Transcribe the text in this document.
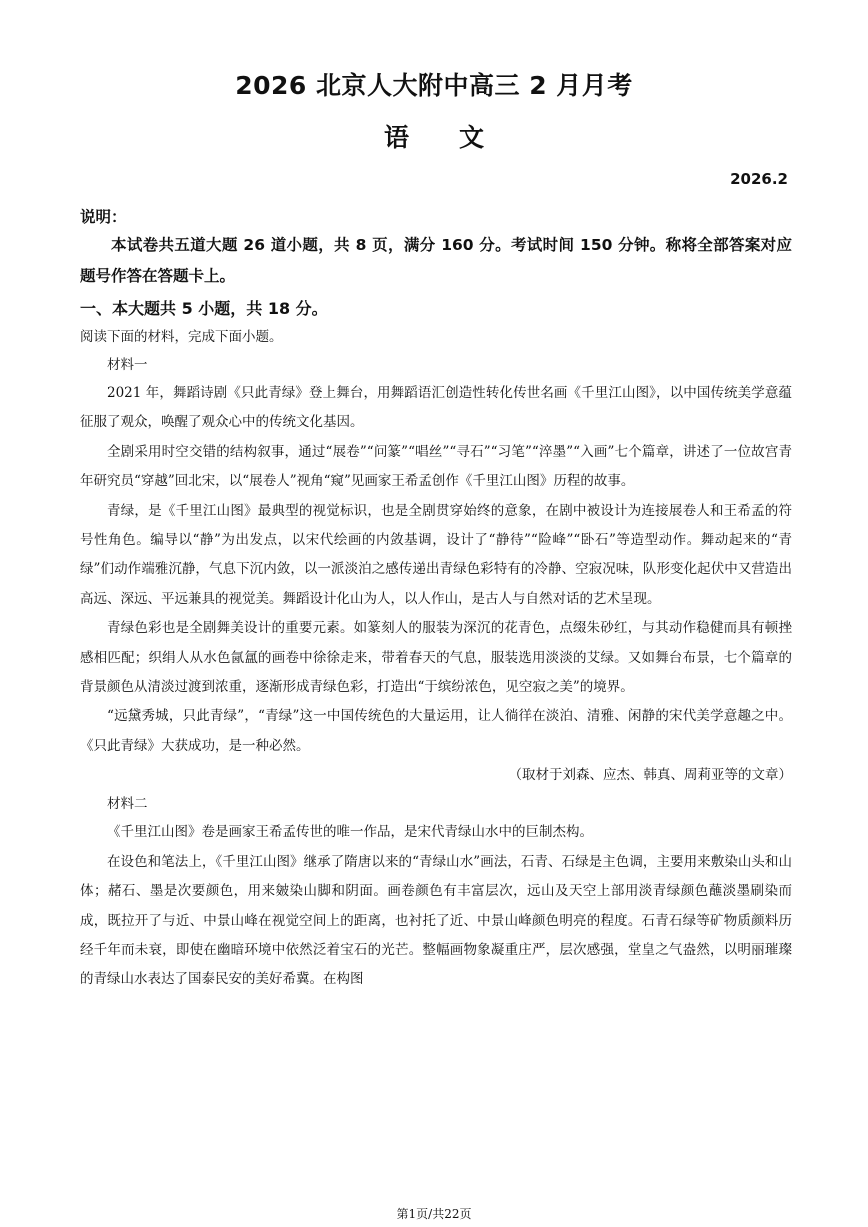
2026 北京人大附中高三 2 月月考
语　　文
2026.2

说明：

本试卷共五道大题 26 道小题，共 8 页，满分 160 分。考试时间 150 分钟。称将全部答案对应题号作答在答题卡上。

一、本大题共 5 小题，共 18 分。

阅读下面的材料，完成下面小题。

材料一

2021 年，舞蹈诗剧《只此青绿》登上舞台，用舞蹈语汇创造性转化传世名画《千里江山图》，以中国传统美学意蕴征服了观众，唤醒了观众心中的传统文化基因。

全剧采用时空交错的结构叙事，通过“展卷”“问篆”“唱丝”“寻石”“习笔”“淬墨”“入画”七个篇章，讲述了一位故宫青年研究员“穿越”回北宋，以“展卷人”视角“窥”见画家王希孟创作《千里江山图》历程的故事。

青绿，是《千里江山图》最典型的视觉标识，也是全剧贯穿始终的意象，在剧中被设计为连接展卷人和王希孟的符号性角色。编导以“静”为出发点，以宋代绘画的内敛基调，设计了“静待”“险峰”“卧石”等造型动作。舞动起来的“青绿”们动作端雅沉静，气息下沉内敛，以一派淡泊之感传递出青绿色彩特有的冷静、空寂况味，队形变化起伏中又营造出高远、深远、平远兼具的视觉美。舞蹈设计化山为人，以人作山，是古人与自然对话的艺术呈现。

青绿色彩也是全剧舞美设计的重要元素。如篆刻人的服装为深沉的花青色，点缀朱砂红，与其动作稳健而具有顿挫感相匹配；织绢人从水色氤氲的画卷中徐徐走来，带着春天的气息，服装选用淡淡的艾绿。又如舞台布景，七个篇章的背景颜色从清淡过渡到浓重，逐渐形成青绿色彩，打造出“于缤纷浓色，见空寂之美”的境界。

“远黛秀城，只此青绿”，“青绿”这一中国传统色的大量运用，让人徜徉在淡泊、清雅、闲静的宋代美学意趣之中。《只此青绿》大获成功，是一种必然。

（取材于刘森、应杰、韩真、周莉亚等的文章）

材料二

《千里江山图》卷是画家王希孟传世的唯一作品，是宋代青绿山水中的巨制杰构。

在设色和笔法上，《千里江山图》继承了隋唐以来的“青绿山水”画法，石青、石绿是主色调，主要用来敷染山头和山体；赭石、墨是次要颜色，用来皴染山脚和阴面。画卷颜色有丰富层次，远山及天空上部用淡青绿颜色蘸淡墨刷染而成，既拉开了与近、中景山峰在视觉空间上的距离，也衬托了近、中景山峰颜色明亮的程度。石青石绿等矿物质颜料历经千年而未衰，即使在幽暗环境中依然泛着宝石的光芒。整幅画物象凝重庄严，层次感强，堂皇之气盎然，以明丽璀璨的青绿山水表达了国泰民安的美好希冀。在构图

第1页/共22页
